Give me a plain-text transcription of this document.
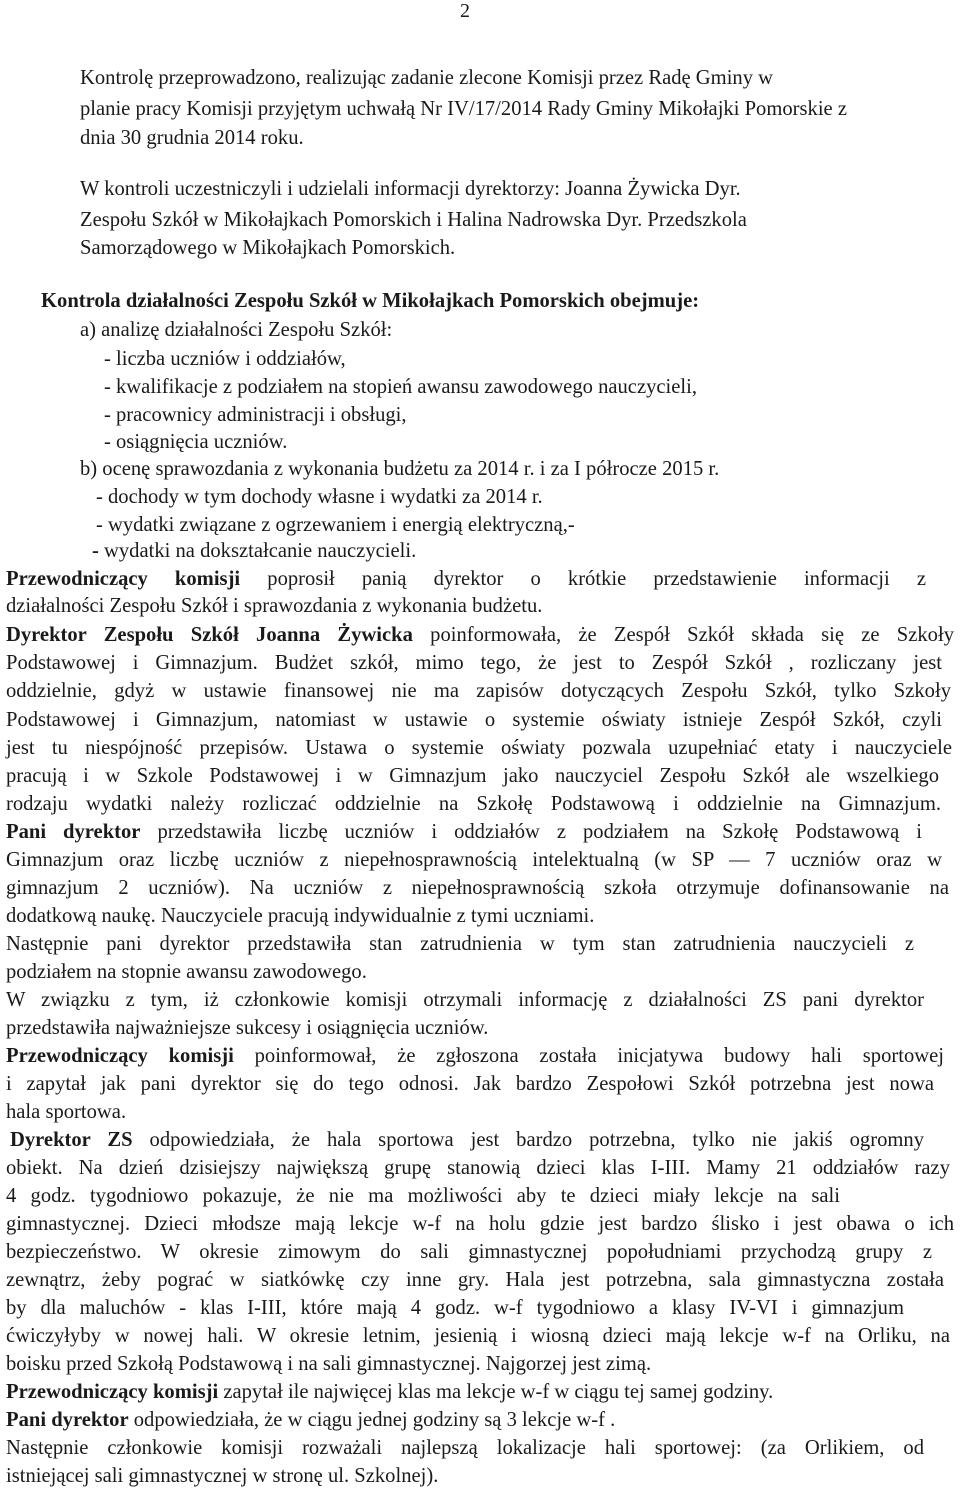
2
Kontrolę przeprowadzono, realizując zadanie zlecone Komisji przez Radę Gminy w
planie pracy Komisji przyjętym uchwałą Nr IV/17/2014 Rady Gminy Mikołajki Pomorskie z
dnia 30 grudnia 2014 roku.
W kontroli uczestniczyli i udzielali informacji dyrektorzy: Joanna Żywicka Dyr.
Zespołu Szkół w Mikołajkach Pomorskich i Halina Nadrowska Dyr. Przedszkola
Samorządowego w Mikołajkach Pomorskich.
Kontrola działalności Zespołu Szkół w Mikołajkach Pomorskich obejmuje:
a) analizę działalności Zespołu Szkół:
- liczba uczniów i oddziałów,
- kwalifikacje z podziałem na stopień awansu zawodowego nauczycieli,
- pracownicy administracji i obsługi,
- osiągnięcia uczniów.
b) ocenę sprawozdania z wykonania budżetu za 2014 r. i za I półrocze 2015 r.
- dochody w tym dochody własne i wydatki za 2014 r.
- wydatki związane z ogrzewaniem i energią elektryczną,-
- wydatki na dokształcanie nauczycieli.
Przewodniczący komisji poprosił panią dyrektor o krótkie przedstawienie informacji z
działalności Zespołu Szkół i sprawozdania z wykonania budżetu.
Dyrektor Zespołu Szkół Joanna Żywicka poinformowała, że Zespół Szkół składa się ze Szkoły
Podstawowej i Gimnazjum. Budżet szkół, mimo tego, że jest to Zespół Szkół , rozliczany jest
oddzielnie, gdyż w ustawie finansowej nie ma zapisów dotyczących Zespołu Szkół, tylko Szkoły
Podstawowej i Gimnazjum, natomiast w ustawie o systemie oświaty istnieje Zespół Szkół, czyli
jest tu niespójność przepisów. Ustawa o systemie oświaty pozwala uzupełniać etaty i nauczyciele
pracują i w Szkole Podstawowej i w Gimnazjum jako nauczyciel Zespołu Szkół ale wszelkiego
rodzaju wydatki należy rozliczać oddzielnie na Szkołę Podstawową i oddzielnie na Gimnazjum.
Pani dyrektor przedstawiła liczbę uczniów i oddziałów z podziałem na Szkołę Podstawową i
Gimnazjum oraz liczbę uczniów z niepełnosprawnością intelektualną (w SP — 7 uczniów oraz w
gimnazjum 2 uczniów). Na uczniów z niepełnosprawnością szkoła otrzymuje dofinansowanie na
dodatkową naukę. Nauczyciele pracują indywidualnie z tymi uczniami.
Następnie pani dyrektor przedstawiła stan zatrudnienia w tym stan zatrudnienia nauczycieli z
podziałem na stopnie awansu zawodowego.
W związku z tym, iż członkowie komisji otrzymali informację z działalności ZS pani dyrektor
przedstawiła najważniejsze sukcesy i osiągnięcia uczniów.
Przewodniczący komisji poinformował, że zgłoszona została inicjatywa budowy hali sportowej
i zapytał jak pani dyrektor się do tego odnosi. Jak bardzo Zespołowi Szkół potrzebna jest nowa
hala sportowa.
Dyrektor ZS odpowiedziała, że hala sportowa jest bardzo potrzebna, tylko nie jakiś ogromny
obiekt. Na dzień dzisiejszy największą grupę stanowią dzieci klas I-III. Mamy 21 oddziałów razy
4 godz. tygodniowo pokazuje, że nie ma możliwości aby te dzieci miały lekcje na sali
gimnastycznej. Dzieci młodsze mają lekcje w-f na holu gdzie jest bardzo ślisko i jest obawa o ich
bezpieczeństwo. W okresie zimowym do sali gimnastycznej popołudniami przychodzą grupy z
zewnątrz, żeby pograć w siatkówkę czy inne gry. Hala jest potrzebna, sala gimnastyczna została
by dla maluchów - klas I-III, które mają 4 godz. w-f tygodniowo a klasy IV-VI i gimnazjum
ćwiczyłyby w nowej hali. W okresie letnim, jesienią i wiosną dzieci mają lekcje w-f na Orliku, na
boisku przed Szkołą Podstawową i na sali gimnastycznej. Najgorzej jest zimą.
Przewodniczący komisji zapytał ile najwięcej klas ma lekcje w-f w ciągu tej samej godziny.
Pani dyrektor odpowiedziała, że w ciągu jednej godziny są 3 lekcje w-f .
Następnie członkowie komisji rozważali najlepszą lokalizacje hali sportowej: (za Orlikiem, od
istniejącej sali gimnastycznej w stronę ul. Szkolnej).
